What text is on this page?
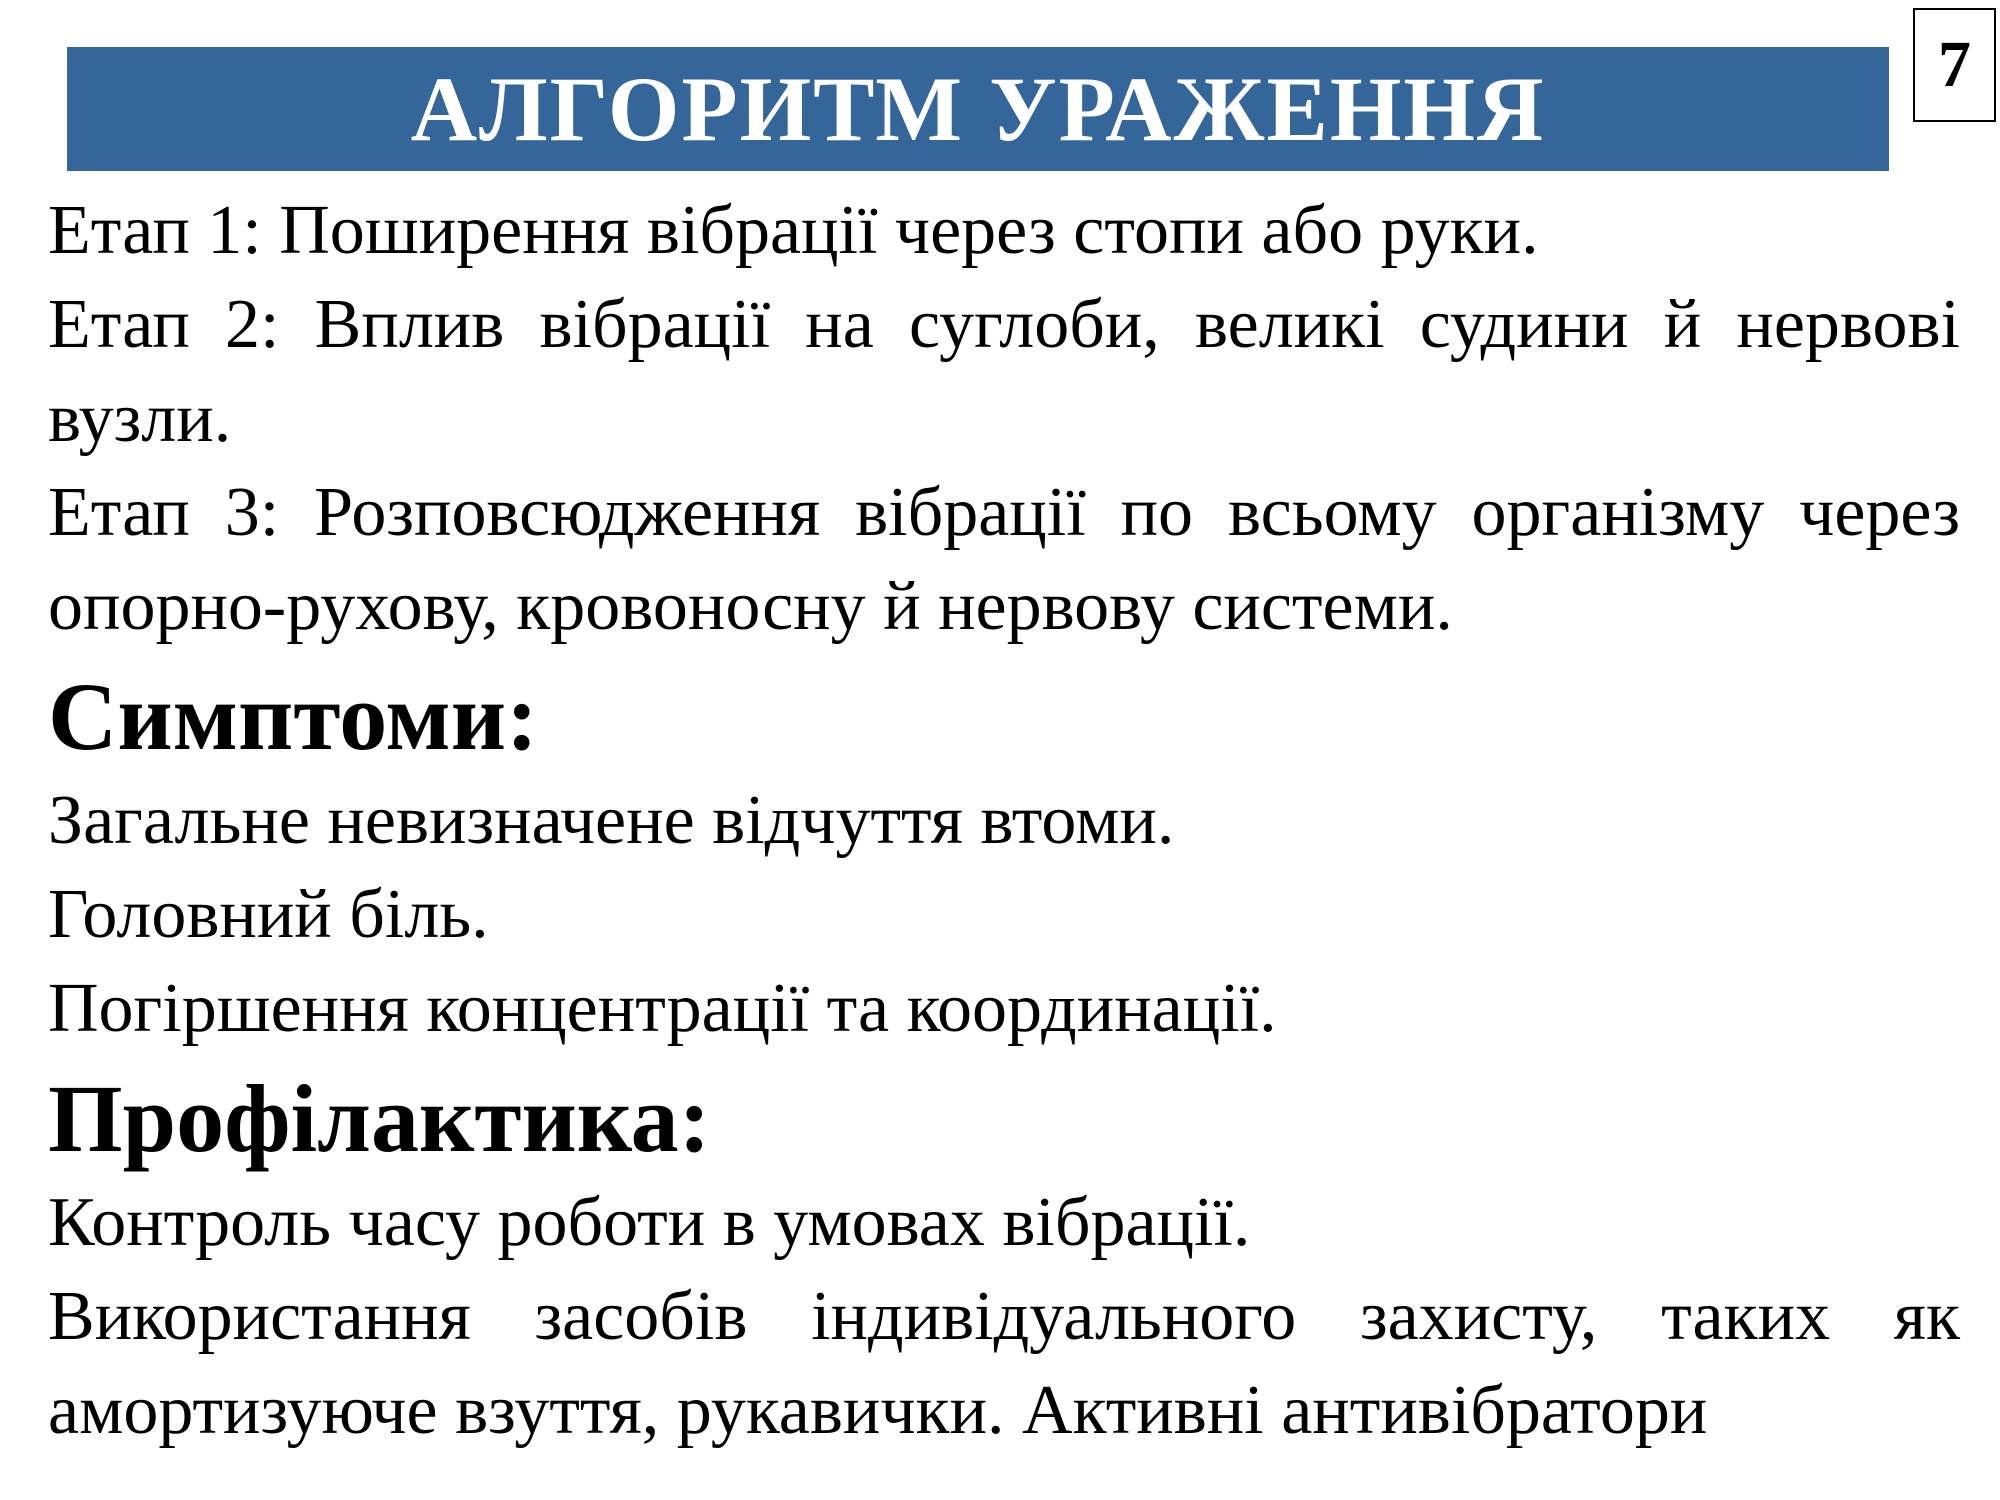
АЛГОРИТМ УРАЖЕННЯ	7

Етап 1: Поширення вібрації через стопи або руки.

Етап 2: Вплив вібрації на суглоби, великі судини й нервові вузли.

Етап 3: Розповсюдження вібрації по всьому організму через опорно-рухову, кровоносну й нервову системи.

Симптоми:

Загальне невизначене відчуття втоми.

Головний біль.

Погіршення концентрації та координації.

Профілактика:

Контроль часу роботи в умовах вібрації.

Використання засобів індивідуального захисту, таких як амортизуюче взуття, рукавички. Активні антивібратори
